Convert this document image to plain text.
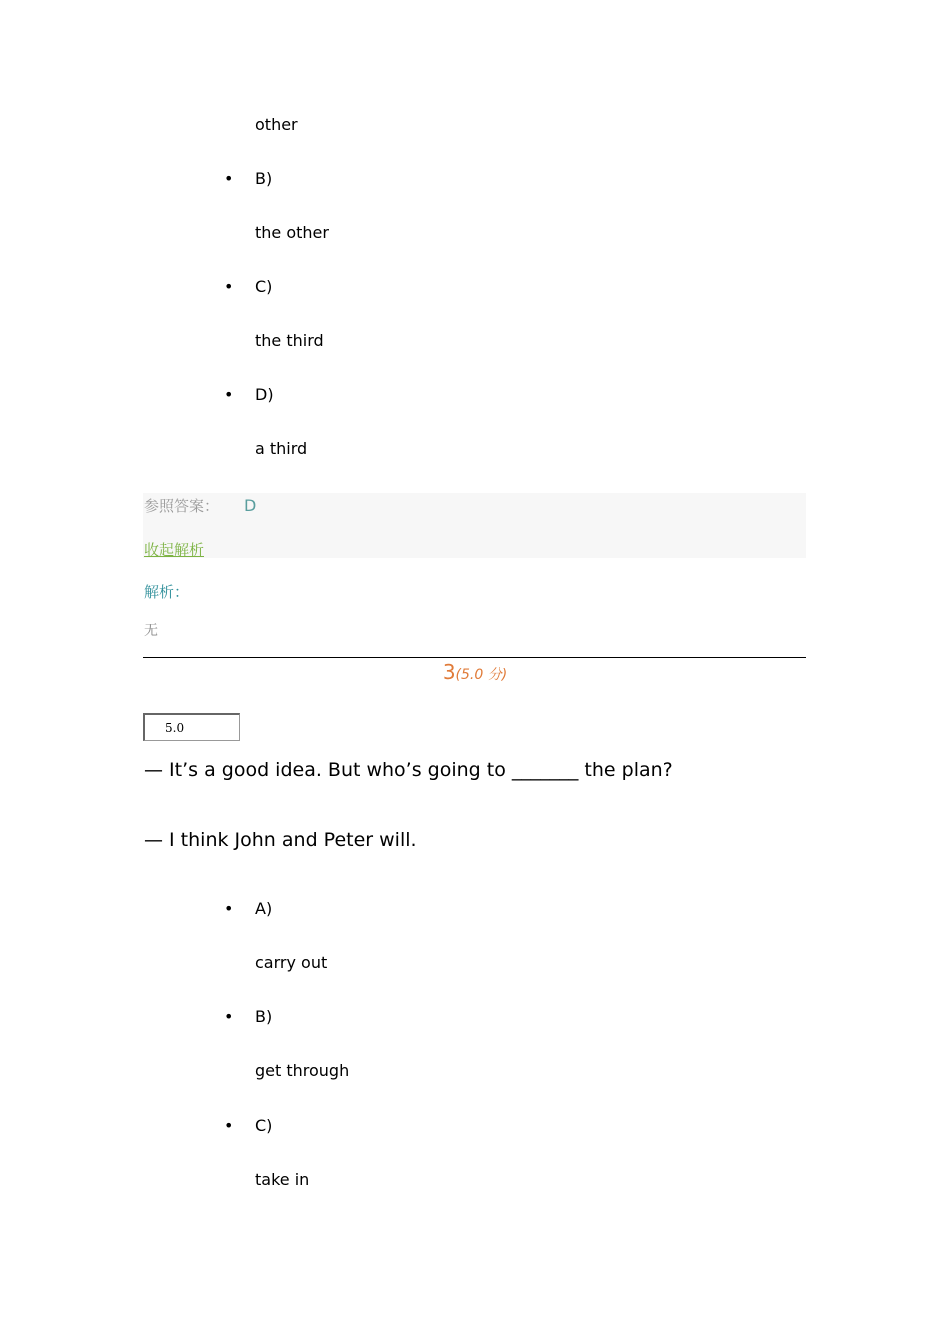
other
• B)
the other
• C)
the third
• D)
a third
参照答案： D
收起解析
解析：
无
3(5.0 分)
5.0
— It’s a good idea. But who’s going to _______ the plan?
— I think John and Peter will.
• A)
carry out
• B)
get through
• C)
take in
